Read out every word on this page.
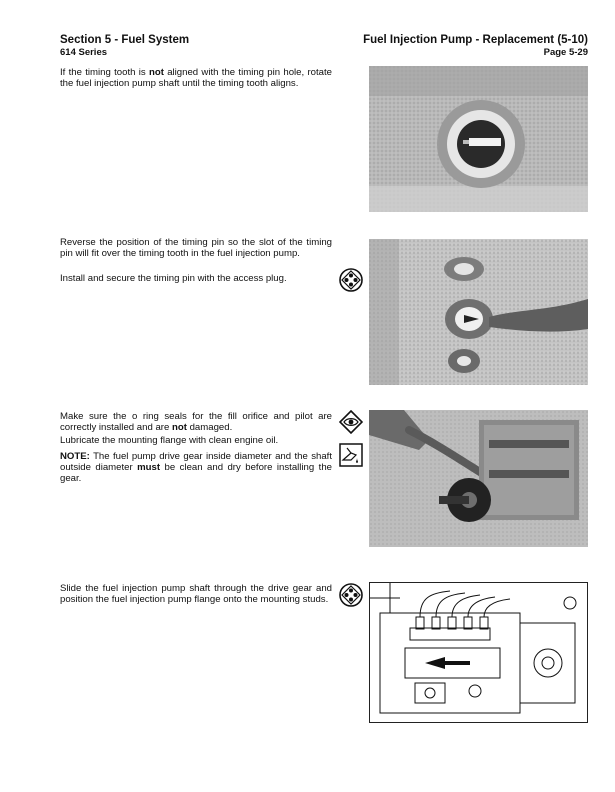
Section 5 - Fuel System
614 Series
Fuel Injection Pump - Replacement (5-10)
Page 5-29

If the timing tooth is not aligned with the timing pin hole, rotate the fuel injection pump shaft until the timing tooth aligns.

Reverse the position of the timing pin so the slot of the timing pin will fit over the timing tooth in the fuel injection pump.

Install and secure the timing pin with the access plug.

Make sure the o ring seals for the fill orifice and pilot are correctly installed and are not damaged.

Lubricate the mounting flange with clean engine oil.

NOTE: The fuel pump drive gear inside diameter and the shaft outside diameter must be clean and dry before installing the gear.

Slide the fuel injection pump shaft through the drive gear and position the fuel injection pump flange onto the mounting studs.
